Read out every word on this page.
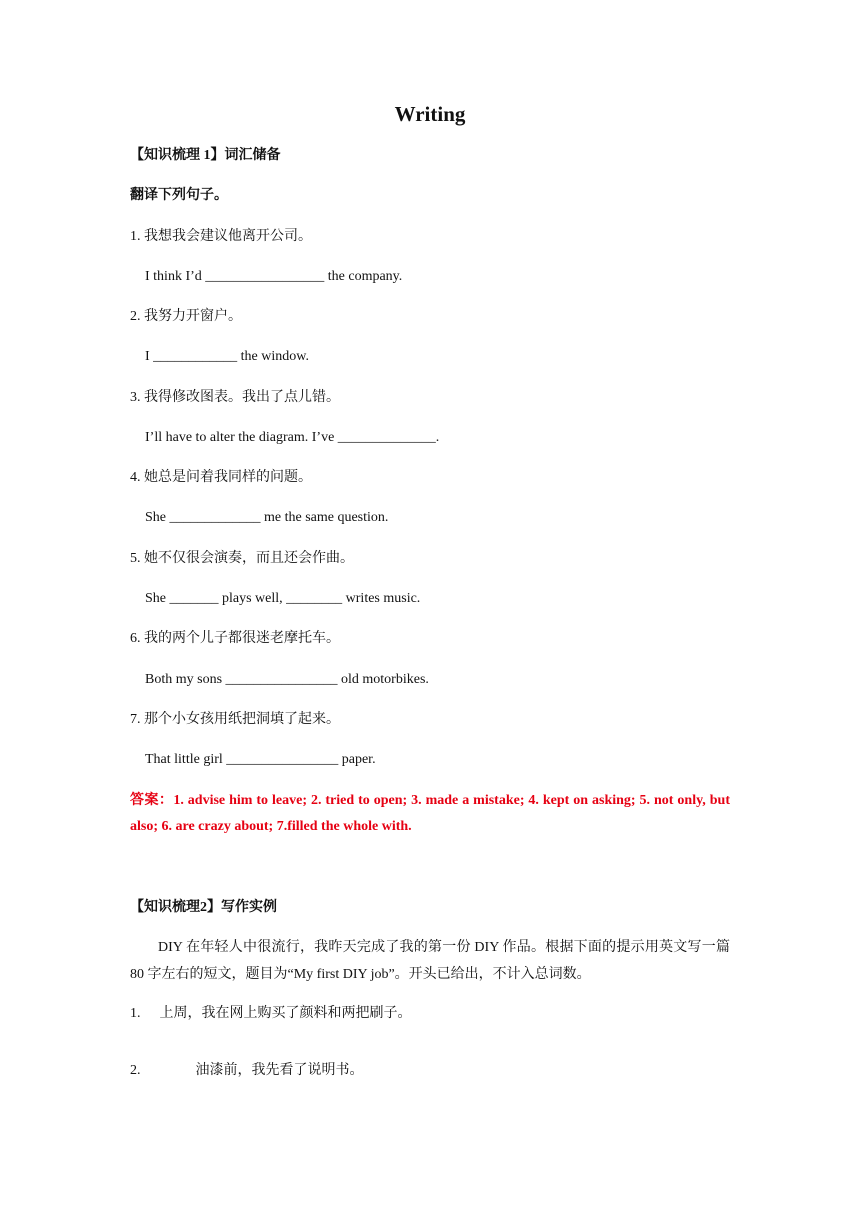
Writing
【知识梳理 1】词汇储备
翻译下列句子。
1. 我想我会建议他离开公司。
I think I’d _________________ the company.
2. 我努力开窗户。
I ____________ the window.
3. 我得修改图表。我出了点儿错。
I’ll have to alter the diagram. I’ve ______________.
4. 她总是问着我同样的问题。
She _____________ me the same question.
5. 她不仅很会演奏，而且还会作曲。
She _______ plays well, ________ writes music.
6. 我的两个儿子都很迷老摩托车。
Both my sons ________________ old motorbikes.
7. 那个小女孩用纸把洞填了起来。
That little girl ________________ paper.
答案：1. advise him to leave; 2. tried to open; 3. made a mistake; 4. kept on asking; 5. not only, but also; 6. are crazy about; 7.filled the whole with.
【知识梳理2】写作实例
DIY 在年轻人中很流行，我昨天完成了我的第一份 DIY 作品。根据下面的提示用英文写一篇 80 字左右的短文，题目为“My first DIY job”。开头已给出，不计入总词数。
1. 上周，我在网上购买了颜料和两把刷子。
2.	油漆前，我先看了说明书。
